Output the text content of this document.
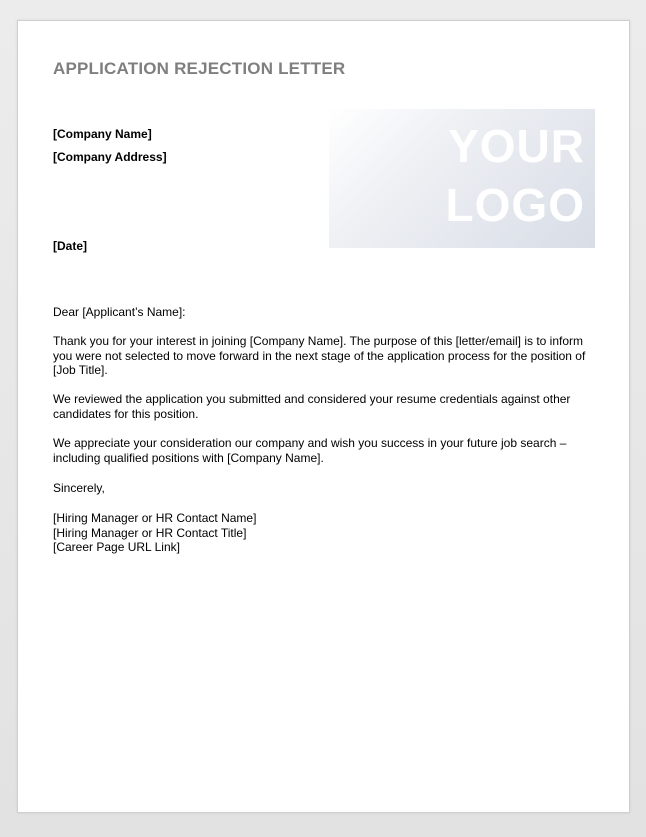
APPLICATION REJECTION LETTER
[Company Name]
[Company Address]
[Date]
YOUR
LOGO
Dear [Applicant’s Name]:
Thank you for your interest in joining [Company Name]. The purpose of this [letter/email] is to inform you were not selected to move forward in the next stage of the application process for the position of [Job Title].
We reviewed the application you submitted and considered your resume credentials against other candidates for this position.
We appreciate your consideration our company and wish you success in your future job search – including qualified positions with [Company Name].
Sincerely,
[Hiring Manager or HR Contact Name]
[Hiring Manager or HR Contact Title]
[Career Page URL Link]
